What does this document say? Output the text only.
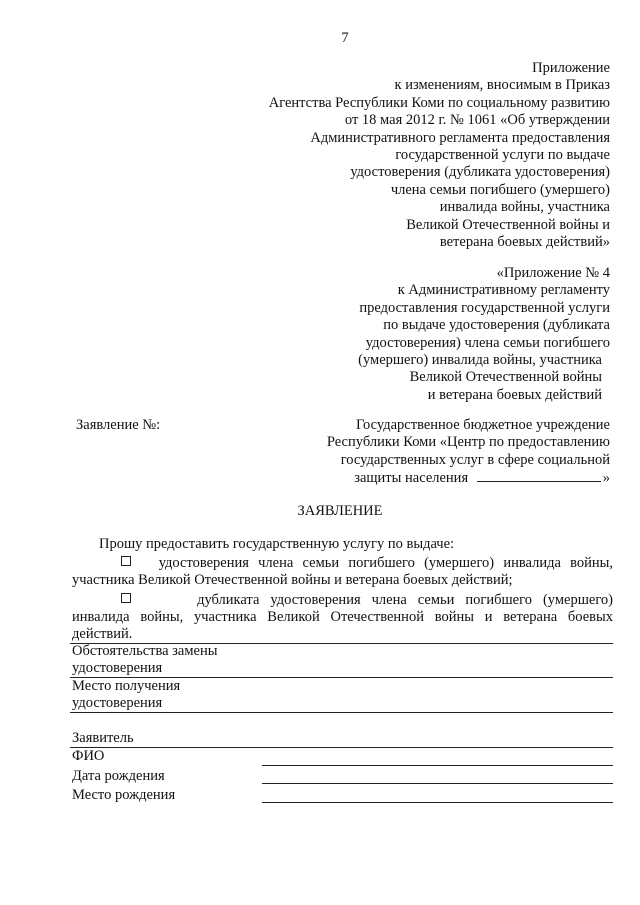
7
Приложение
к изменениям, вносимым в Приказ
Агентства Республики Коми по социальному развитию
от 18 мая 2012 г. № 1061 «Об утверждении
Административного регламента предоставления
государственной услуги по выдаче
удостоверения (дубликата удостоверения)
члена семьи погибшего (умершего)
инвалида войны, участника
Великой Отечественной войны и
ветерана боевых действий»
«Приложение № 4
к Административному регламенту
предоставления государственной услуги
по выдаче удостоверения (дубликата
удостоверения) члена семьи погибшего
(умершего) инвалида войны, участника
Великой Отечественной войны
и ветерана боевых действий
Заявление №:	Государственное бюджетное учреждение
Республики Коми «Центр по предоставлению
государственных услуг в сфере социальной
защиты населения	»
ЗАЯВЛЕНИЕ
Прошу предоставить государственную услугу по выдаче:
удостоверения члена семьи погибшего (умершего) инвалида войны,
участника Великой Отечественной войны и ветерана боевых действий;
дубликата удостоверения члена семьи погибшего (умершего)
инвалида войны, участника Великой Отечественной войны и ветерана боевых
действий.
Обстоятельства замены
удостоверения
Место получения
удостоверения
Заявитель
ФИО
Дата рождения
Место рождения
